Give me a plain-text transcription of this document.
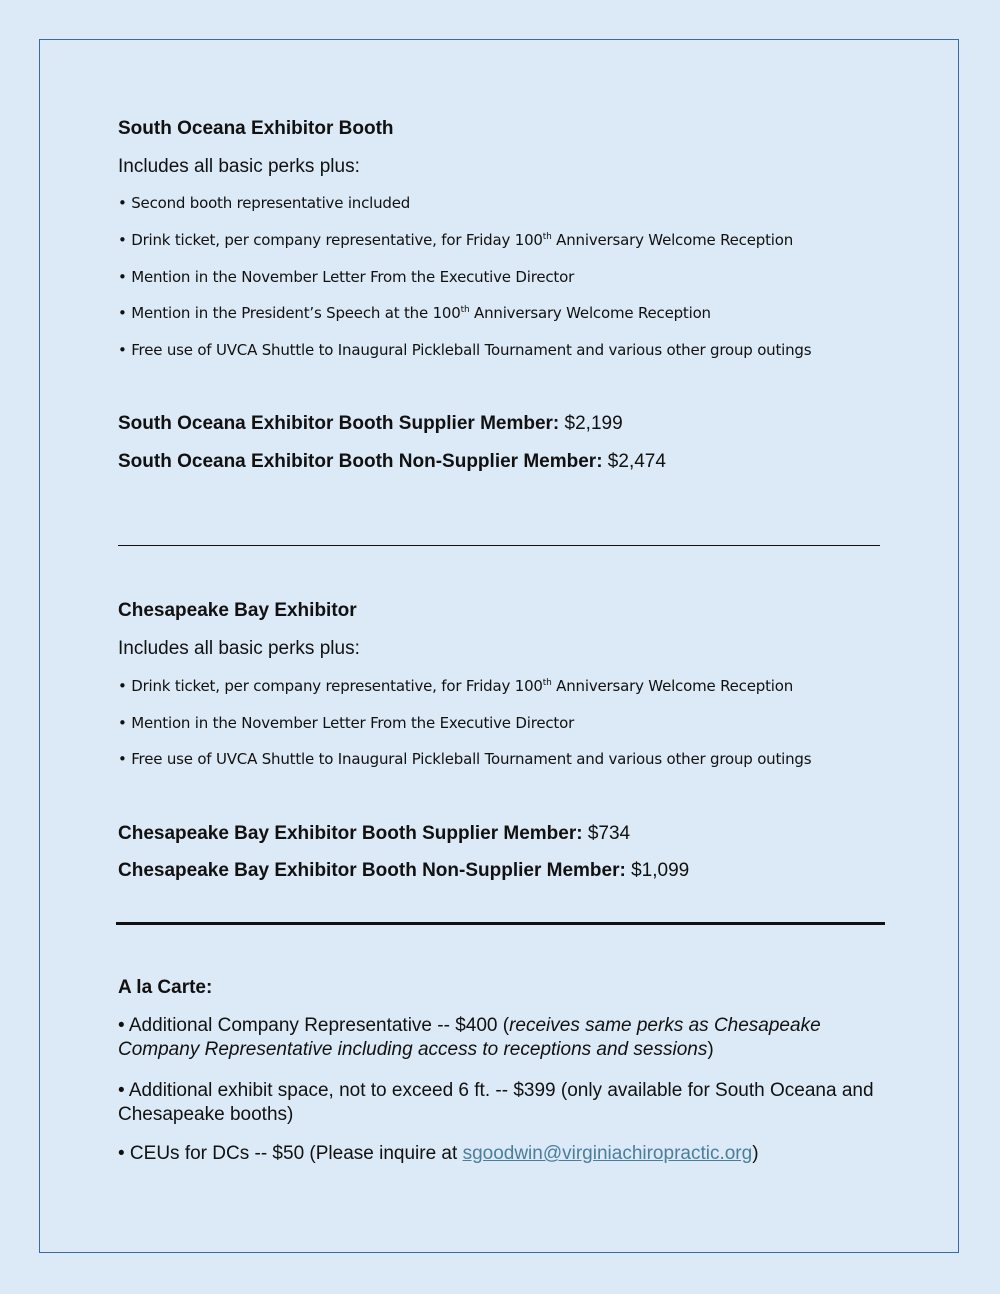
South Oceana Exhibitor Booth
Includes all basic perks plus:
• Second booth representative included
• Drink ticket, per company representative, for Friday 100th Anniversary Welcome Reception
• Mention in the November Letter From the Executive Director
• Mention in the President’s Speech at the 100th Anniversary Welcome Reception
• Free use of UVCA Shuttle to Inaugural Pickleball Tournament and various other group outings
South Oceana Exhibitor Booth Supplier Member: $2,199
South Oceana Exhibitor Booth Non-Supplier Member: $2,474
Chesapeake Bay Exhibitor
Includes all basic perks plus:
• Drink ticket, per company representative, for Friday 100th Anniversary Welcome Reception
• Mention in the November Letter From the Executive Director
• Free use of UVCA Shuttle to Inaugural Pickleball Tournament and various other group outings
Chesapeake Bay Exhibitor Booth Supplier Member: $734
Chesapeake Bay Exhibitor Booth Non-Supplier Member: $1,099
A la Carte:
• Additional Company Representative -- $400 (receives same perks as Chesapeake Company Representative including access to receptions and sessions)
• Additional exhibit space, not to exceed 6 ft. -- $399 (only available for South Oceana and Chesapeake booths)
• CEUs for DCs -- $50 (Please inquire at sgoodwin@virginiachiropractic.org)
